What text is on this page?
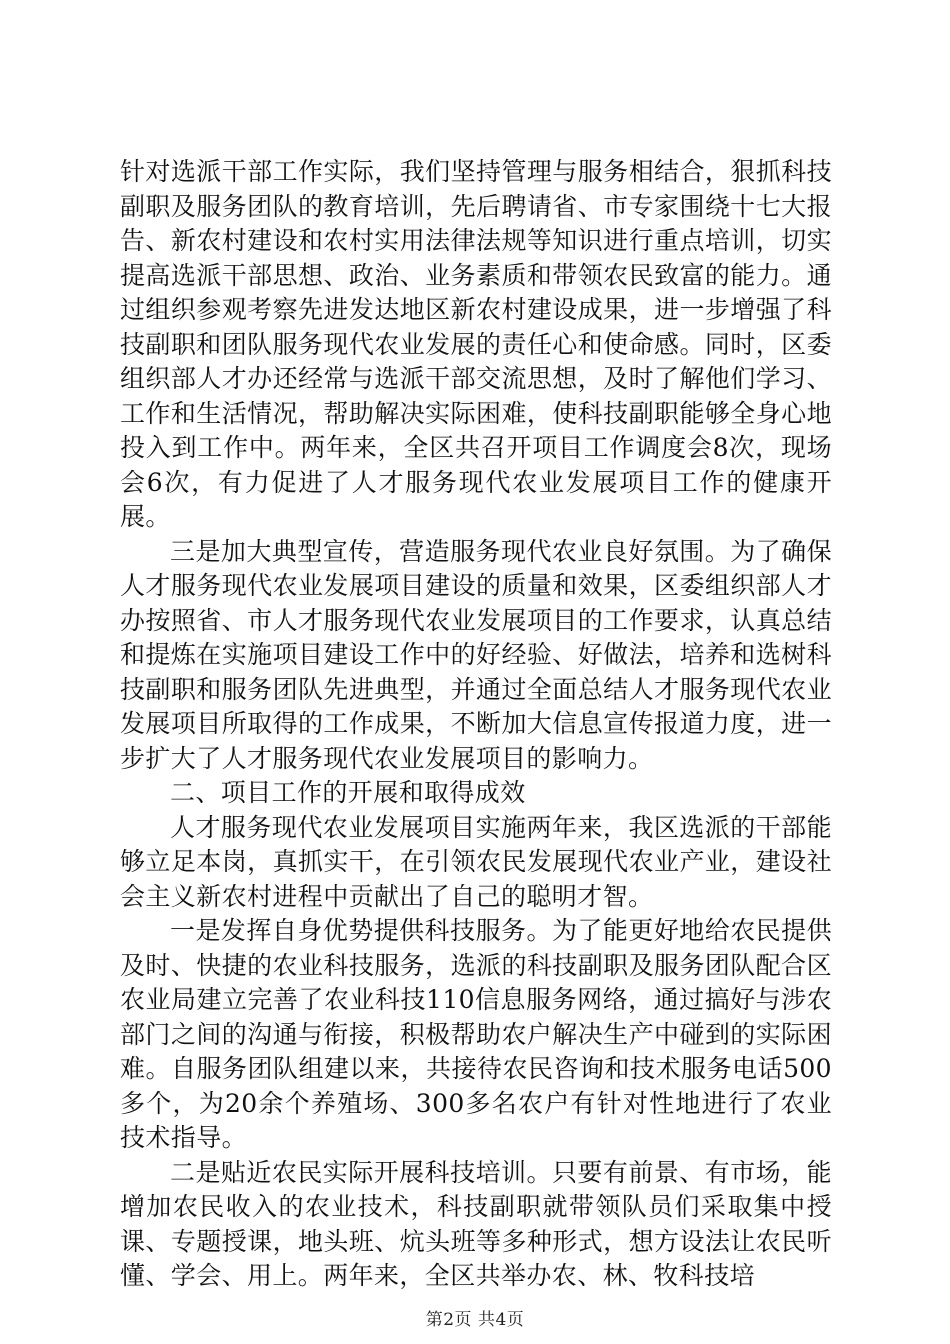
针对选派干部工作实际，我们坚持管理与服务相结合，狠抓科技副职及服务团队的教育培训，先后聘请省、市专家围绕十七大报告、新农村建设和农村实用法律法规等知识进行重点培训，切实提高选派干部思想、政治、业务素质和带领农民致富的能力。通过组织参观考察先进发达地区新农村建设成果，进一步增强了科技副职和团队服务现代农业发展的责任心和使命感。同时，区委组织部人才办还经常与选派干部交流思想，及时了解他们学习、工作和生活情况，帮助解决实际困难，使科技副职能够全身心地投入到工作中。两年来，全区共召开项目工作调度会8次，现场会6次，有力促进了人才服务现代农业发展项目工作的健康开展。

三是加大典型宣传，营造服务现代农业良好氛围。为了确保人才服务现代农业发展项目建设的质量和效果，区委组织部人才办按照省、市人才服务现代农业发展项目的工作要求，认真总结和提炼在实施项目建设工作中的好经验、好做法，培养和选树科技副职和服务团队先进典型，并通过全面总结人才服务现代农业发展项目所取得的工作成果，不断加大信息宣传报道力度，进一步扩大了人才服务现代农业发展项目的影响力。

二、项目工作的开展和取得成效

人才服务现代农业发展项目实施两年来，我区选派的干部能够立足本岗，真抓实干，在引领农民发展现代农业产业，建设社会主义新农村进程中贡献出了自己的聪明才智。

一是发挥自身优势提供科技服务。为了能更好地给农民提供及时、快捷的农业科技服务，选派的科技副职及服务团队配合区农业局建立完善了农业科技110信息服务网络，通过搞好与涉农部门之间的沟通与衔接，积极帮助农户解决生产中碰到的实际困难。自服务团队组建以来，共接待农民咨询和技术服务电话500多个，为20余个养殖场、300多名农户有针对性地进行了农业技术指导。

二是贴近农民实际开展科技培训。只要有前景、有市场，能增加农民收入的农业技术，科技副职就带领队员们采取集中授课、专题授课，地头班、炕头班等多种形式，想方设法让农民听懂、学会、用上。两年来，全区共举办农、林、牧科技培

第2页 共4页
